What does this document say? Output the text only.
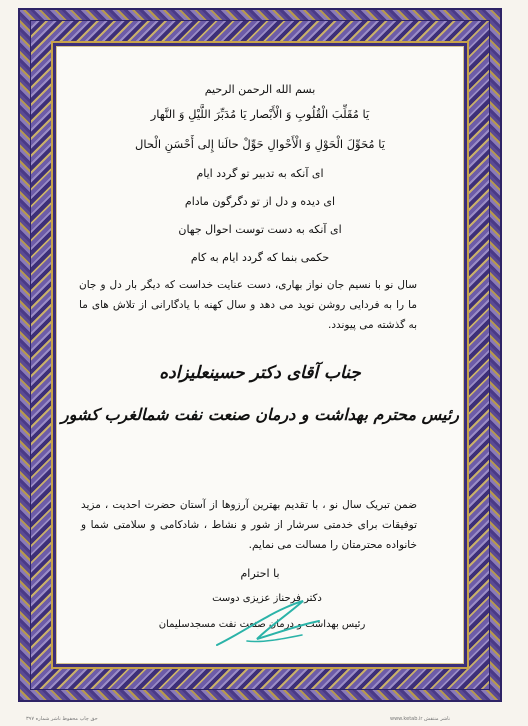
بسم الله الرحمن الرحیم
یَا مُقَلِّبَ الْقُلُوبِ وَ الْأَبْصار یَا مُدَبِّرَ اللَّیْلِ وَ النَّهار
یَا مُحَوِّلَ الْحَوْلِ وَ الْأَحْوالِ حَوِّلْ حالَنا إِلی أَحْسَنِ الْحال
ای آنکه به تدبیر تو گردد ایام
ای دیده و دل از تو دگرگون مادام
ای آنکه به دست توست احوال جهان
حکمی بنما که گردد ایام به کام
سال نو با نسیم جان نواز بهاری، دست عنایت خداست که دیگر بار دل و جان ما را به فردایی روشن نوید می دهد و سال کهنه با یادگارانی از تلاش های ما به گذشته می پیوندد.
جناب آقای دکتر حسینعلیزاده
رئیس محترم بهداشت و درمان صنعت نفت شمالغرب کشور
ضمن تبریک سال نو ، با تقدیم بهترین آرزوها از آستان حضرت احدیت ، مزید توفیقات برای خدمتی سرشار از شور و نشاط ، شادکامی و سلامتی شما و خانواده محترمتان را مسالت می نمایم.
با احترام
دکتر فرحناز عزیزی دوست
رئیس بهداشت و درمان صنعت نفت مسجدسلیمان
حق چاپ محفوظ ناشر شماره ۳۹۷	www.ketab.ir ناشر منتقش
